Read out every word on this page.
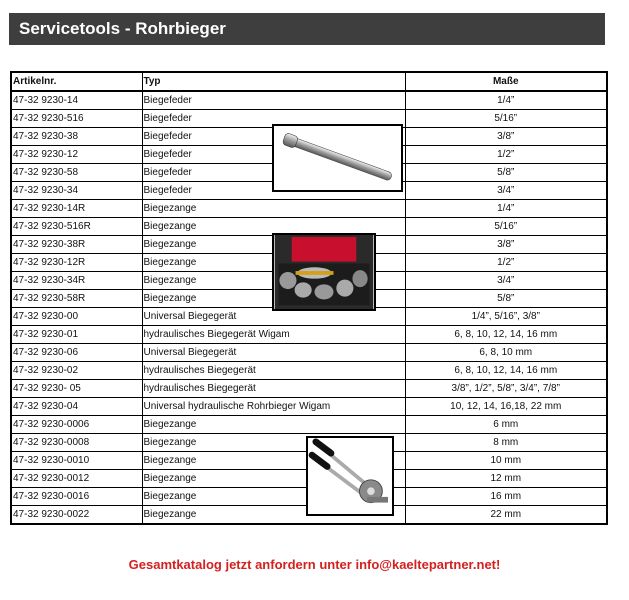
Servicetools - Rohrbieger
Artikelnr.	Typ	Maße
47-32 9230-14	Biegefeder	1/4”
47-32 9230-516	Biegefeder	5/16”
47-32 9230-38	Biegefeder	3/8”
47-32 9230-12	Biegefeder	1/2”
47-32 9230-58	Biegefeder	5/8”
47-32 9230-34	Biegefeder	3/4”
47-32 9230-14R	Biegezange	1/4”
47-32 9230-516R	Biegezange	5/16”
47-32 9230-38R	Biegezange	3/8”
47-32 9230-12R	Biegezange	1/2”
47-32 9230-34R	Biegezange	3/4”
47-32 9230-58R	Biegezange	5/8”
47-32 9230-00	Universal Biegegerät	1/4”, 5/16”, 3/8”
47-32 9230-01	hydraulisches Biegegerät Wigam	6, 8, 10, 12, 14, 16 mm
47-32 9230-06	Universal Biegegerät	6, 8, 10 mm
47-32 9230-02	hydraulisches Biegegerät	6, 8, 10, 12, 14, 16 mm
47-32 9230- 05	hydraulisches Biegegerät	3/8”, 1/2”, 5/8”, 3/4”, 7/8”
47-32 9230-04	Universal hydraulische Rohrbieger Wigam	10, 12, 14, 16,18, 22 mm
47-32 9230-0006	Biegezange	6 mm
47-32 9230-0008	Biegezange	8 mm
47-32 9230-0010	Biegezange	10 mm
47-32 9230-0012	Biegezange	12 mm
47-32 9230-0016	Biegezange	16 mm
47-32 9230-0022	Biegezange	22 mm
Gesamtkatalog jetzt anfordern unter info@kaeltepartner.net!
